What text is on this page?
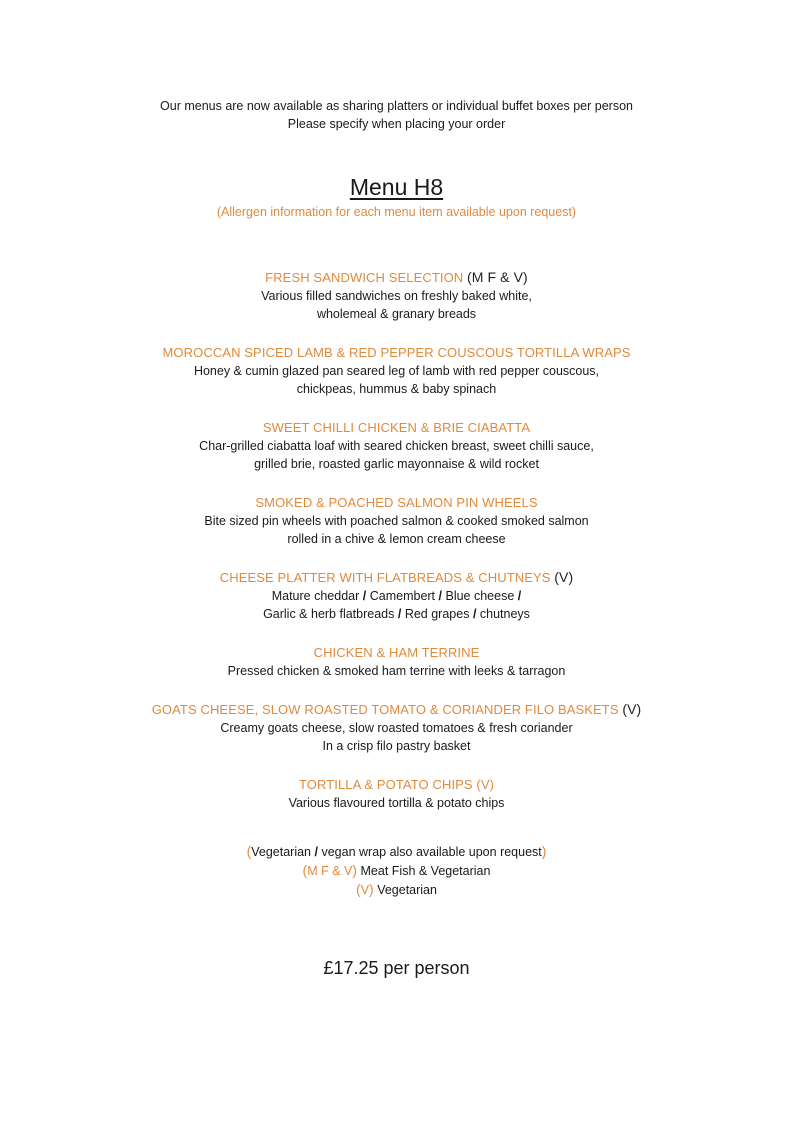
Our menus are now available as sharing platters or individual buffet boxes per person
Please specify when placing your order
Menu H8
(Allergen information for each menu item available upon request)
FRESH SANDWICH SELECTION (M F & V)
Various filled sandwiches on freshly baked white,
wholemeal & granary breads
MOROCCAN SPICED LAMB & RED PEPPER COUSCOUS TORTILLA WRAPS
Honey & cumin glazed pan seared leg of lamb with red pepper couscous,
chickpeas, hummus & baby spinach
SWEET CHILLI CHICKEN & BRIE CIABATTA
Char-grilled ciabatta loaf with seared chicken breast, sweet chilli sauce,
grilled brie, roasted garlic mayonnaise & wild rocket
SMOKED & POACHED SALMON PIN WHEELS
Bite sized pin wheels with poached salmon & cooked smoked salmon
rolled in a chive & lemon cream cheese
CHEESE PLATTER WITH FLATBREADS & CHUTNEYS (V)
Mature cheddar / Camembert / Blue cheese /
Garlic & herb flatbreads / Red grapes / chutneys
CHICKEN & HAM TERRINE
Pressed chicken & smoked ham terrine with leeks & tarragon
GOATS CHEESE, SLOW ROASTED TOMATO & CORIANDER FILO BASKETS (V)
Creamy goats cheese, slow roasted tomatoes & fresh coriander
In a crisp filo pastry basket
TORTILLA & POTATO CHIPS (V)
Various flavoured tortilla & potato chips
(Vegetarian / vegan wrap also available upon request)
(M F & V) Meat Fish & Vegetarian
(V) Vegetarian
£17.25 per person
